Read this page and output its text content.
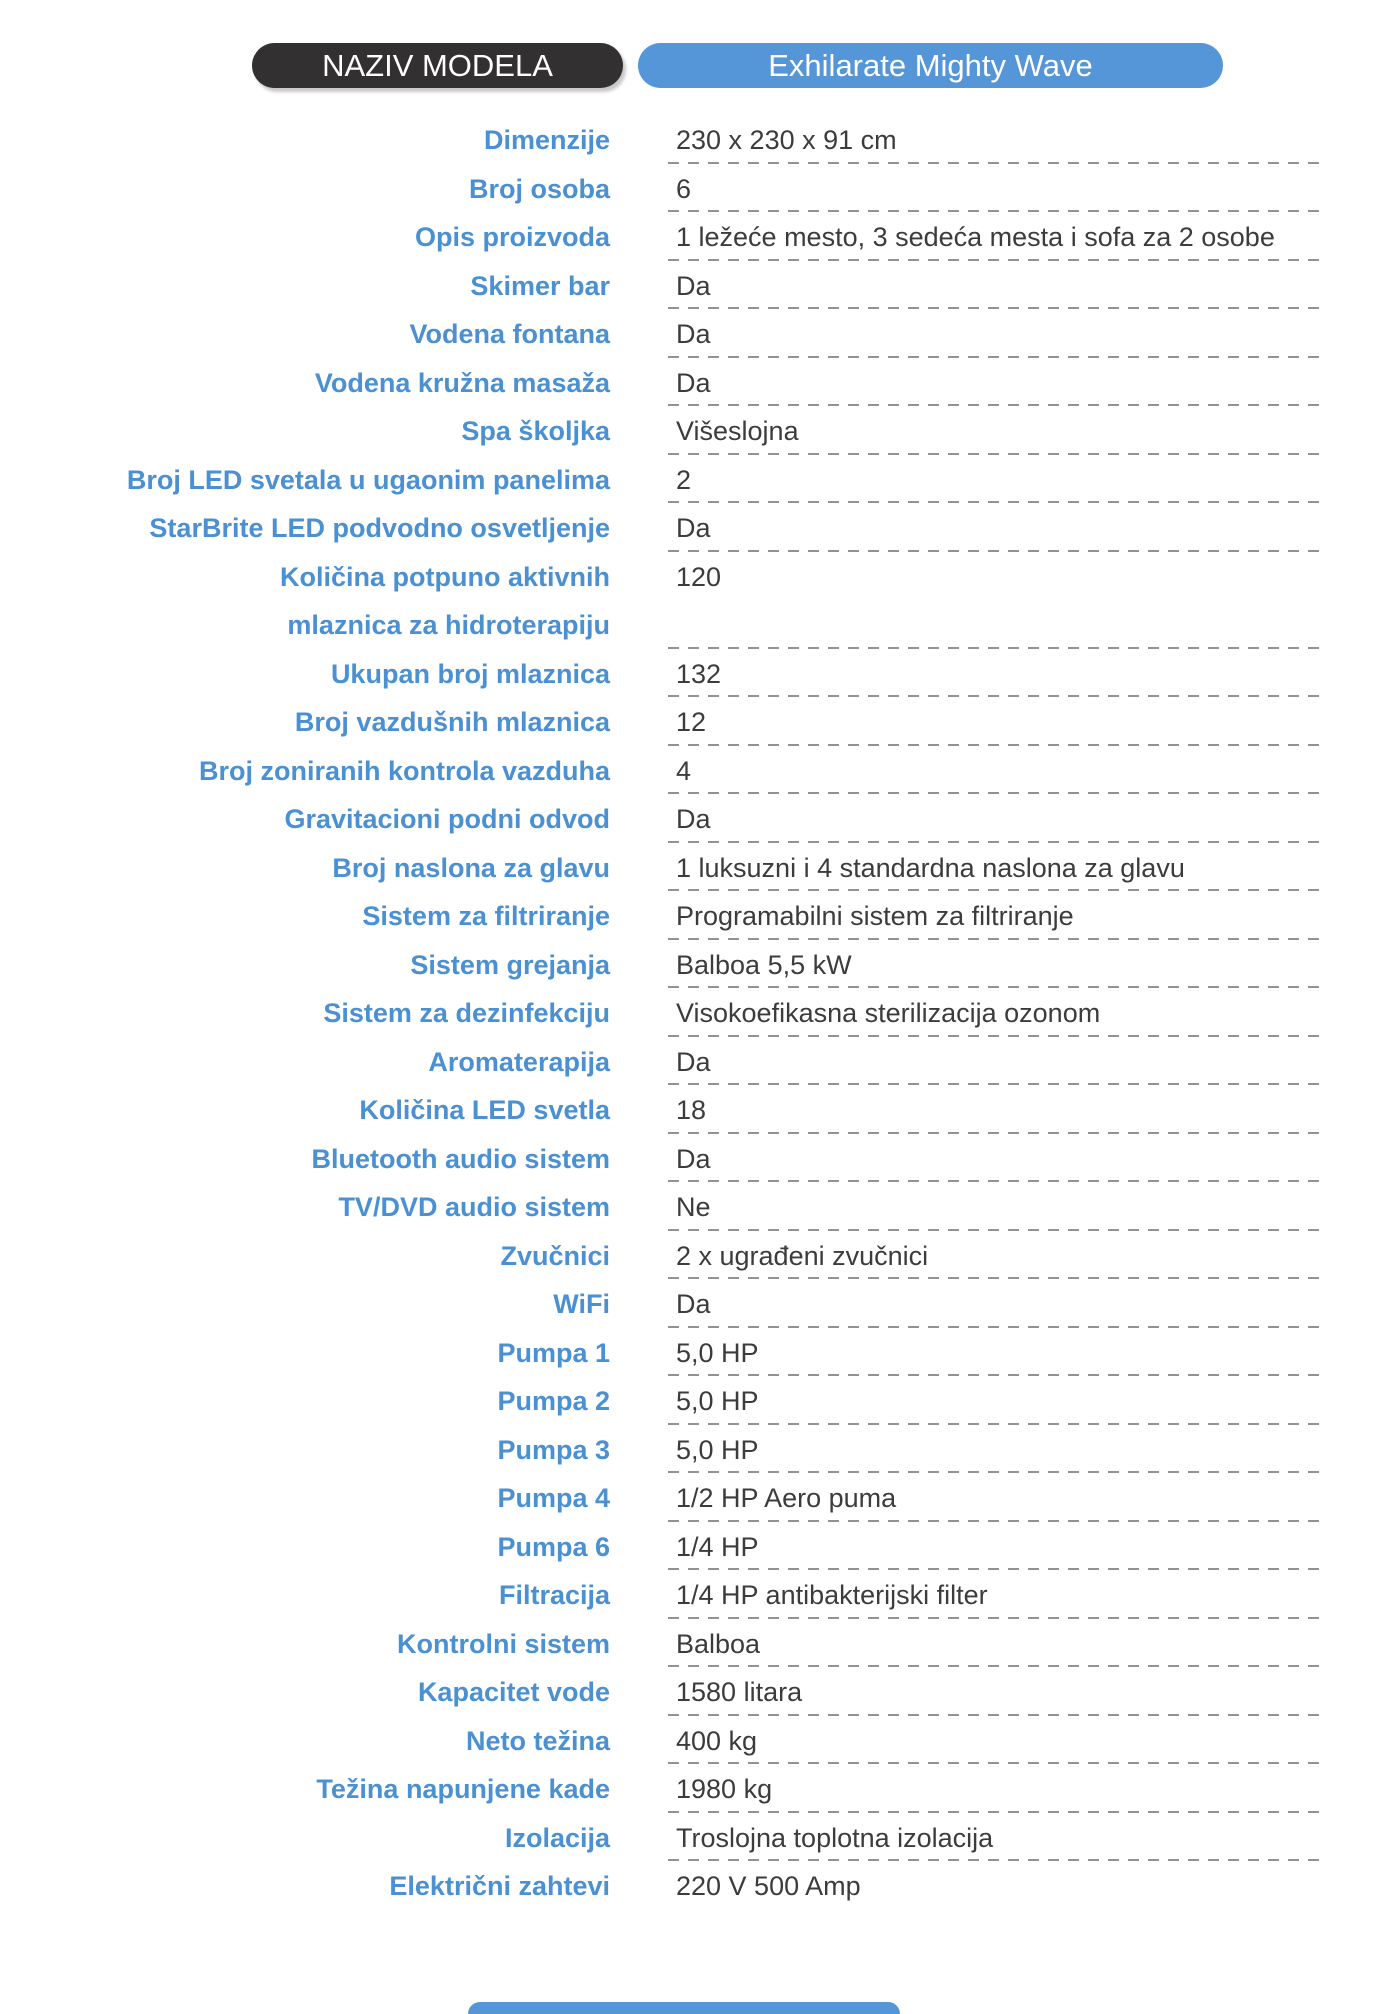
NAZIV MODELA	Exhilarate Mighty Wave
Dimenzije 230 x 230 x 91 cm
Broj osoba 6
Opis proizvoda 1 ležeće mesto, 3 sedeća mesta i sofa za 2 osobe
Skimer bar Da
Vodena fontana Da
Vodena kružna masaža Da
Spa školjka Višeslojna
Broj LED svetala u ugaonim panelima 2
StarBrite LED podvodno osvetljenje Da
Količina potpuno aktivnih
mlaznica za hidroterapiju
120
Ukupan broj mlaznica 132
Broj vazdušnih mlaznica 12
Broj zoniranih kontrola vazduha 4
Gravitacioni podni odvod Da
Broj naslona za glavu 1 luksuzni i 4 standardna naslona za glavu
Sistem za filtriranje Programabilni sistem za filtriranje
Sistem grejanja Balboa 5,5 kW
Sistem za dezinfekciju Visokoefikasna sterilizacija ozonom
Aromaterapija Da
Količina LED svetla 18
Bluetooth audio sistem Da
TV/DVD audio sistem Ne
Zvučnici 2 x ugrađeni zvučnici
WiFi Da
Pumpa 1 5,0 HP
Pumpa 2 5,0 HP
Pumpa 3 5,0 HP
Pumpa 4 1/2 HP Aero puma
Pumpa 6 1/4 HP
Filtracija 1/4 HP antibakterijski filter
Kontrolni sistem Balboa
Kapacitet vode 1580 litara
Neto težina 400 kg
Težina napunjene kade 1980 kg
Izolacija Troslojna toplotna izolacija
Električni zahtevi 220 V 500 Amp
